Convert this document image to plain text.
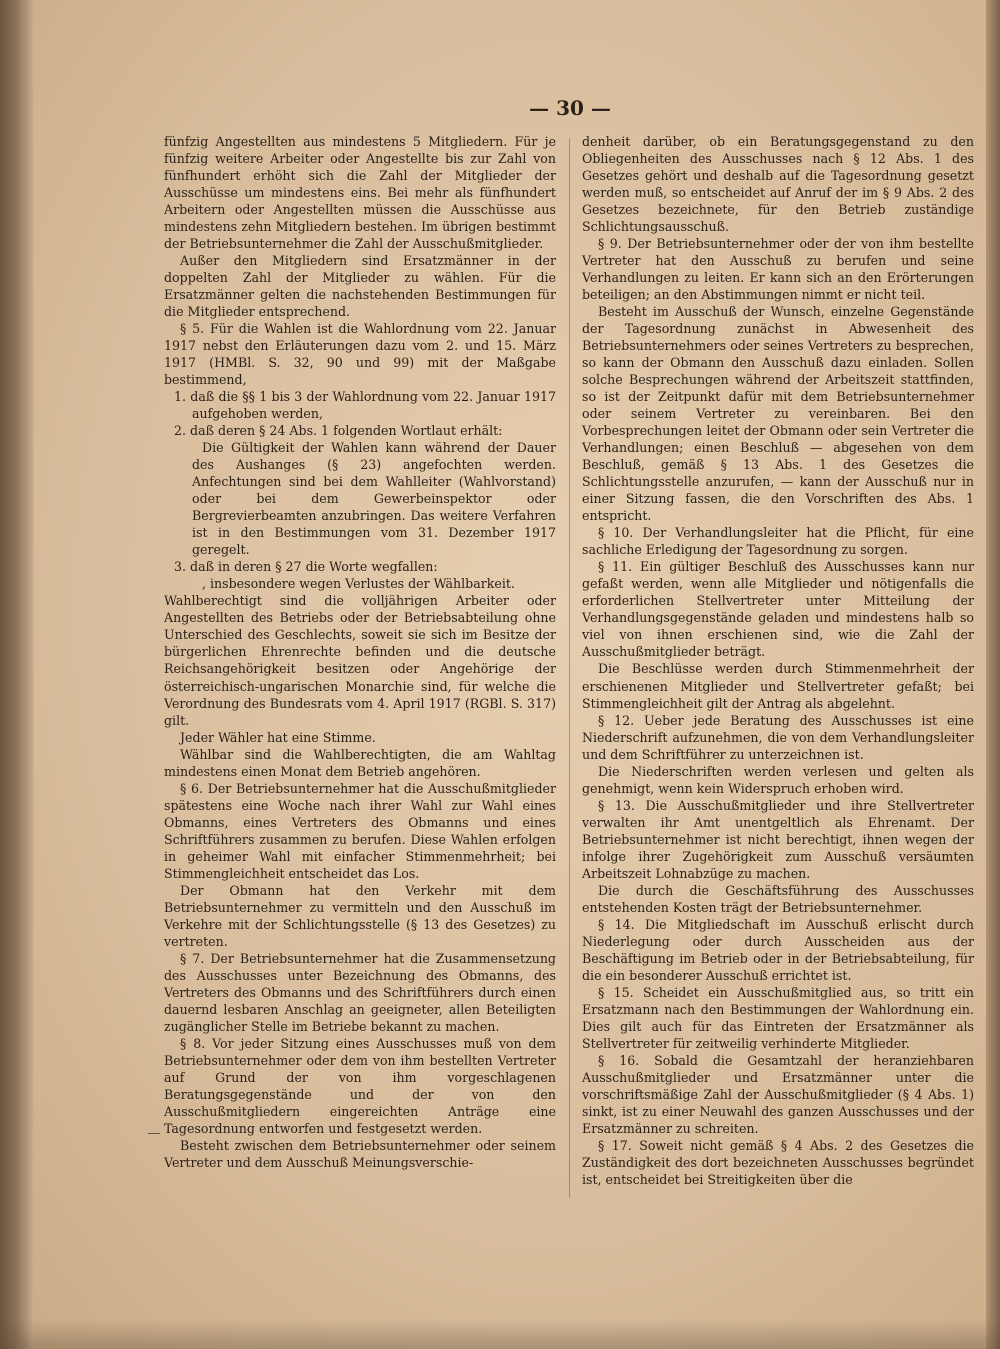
— 30 —

fünfzig Angestellten aus mindestens 5 Mitgliedern. Für je fünfzig weitere Arbeiter oder Angestellte bis zur Zahl von fünfhundert erhöht sich die Zahl der Mitglieder der Ausschüsse um mindestens eins. Bei mehr als fünfhundert Arbeitern oder Angestellten müssen die Ausschüsse aus mindestens zehn Mitgliedern bestehen. Im übrigen bestimmt der Betriebsunternehmer die Zahl der Ausschußmitglieder.

Außer den Mitgliedern sind Ersatzmänner in der doppelten Zahl der Mitglieder zu wählen. Für die Ersatzmänner gelten die nachstehenden Bestimmungen für die Mitglieder entsprechend.

§ 5. Für die Wahlen ist die Wahlordnung vom 22. Januar 1917 nebst den Erläuterungen dazu vom 2. und 15. März 1917 (HMBl. S. 32, 90 und 99) mit der Maßgabe bestimmend,

1. daß die §§ 1 bis 3 der Wahlordnung vom 22. Januar 1917 aufgehoben werden,

2. daß deren § 24 Abs. 1 folgenden Wortlaut erhält:

Die Gültigkeit der Wahlen kann während der Dauer des Aushanges (§ 23) angefochten werden. Anfechtungen sind bei dem Wahlleiter (Wahlvorstand) oder bei dem Gewerbeinspektor oder Bergrevierbeamten anzubringen. Das weitere Verfahren ist in den Bestimmungen vom 31. Dezember 1917 geregelt.

3. daß in deren § 27 die Worte wegfallen:

, insbesondere wegen Verlustes der Wählbarkeit.

Wahlberechtigt sind die volljährigen Arbeiter oder Angestellten des Betriebs oder der Betriebsabteilung ohne Unterschied des Geschlechts, soweit sie sich im Besitze der bürgerlichen Ehrenrechte befinden und die deutsche Reichsangehörigkeit besitzen oder Angehörige der österreichisch-ungarischen Monarchie sind, für welche die Verordnung des Bundesrats vom 4. April 1917 (RGBl. S. 317) gilt.

Jeder Wähler hat eine Stimme.

Wählbar sind die Wahlberechtigten, die am Wahltag mindestens einen Monat dem Betrieb angehören.

§ 6. Der Betriebsunternehmer hat die Ausschußmitglieder spätestens eine Woche nach ihrer Wahl zur Wahl eines Obmanns, eines Vertreters des Obmanns und eines Schriftführers zusammen zu berufen. Diese Wahlen erfolgen in geheimer Wahl mit einfacher Stimmenmehrheit; bei Stimmengleichheit entscheidet das Los.

Der Obmann hat den Verkehr mit dem Betriebsunternehmer zu vermitteln und den Ausschuß im Verkehre mit der Schlichtungsstelle (§ 13 des Gesetzes) zu vertreten.

§ 7. Der Betriebsunternehmer hat die Zusammensetzung des Ausschusses unter Bezeichnung des Obmanns, des Vertreters des Obmanns und des Schriftführers durch einen dauernd lesbaren Anschlag an geeigneter, allen Beteiligten zugänglicher Stelle im Betriebe bekannt zu machen.

§ 8. Vor jeder Sitzung eines Ausschusses muß von dem Betriebsunternehmer oder dem von ihm bestellten Vertreter auf Grund der von ihm vorgeschlagenen Beratungsgegenstände und der von den Ausschußmitgliedern eingereichten Anträge eine Tagesordnung entworfen und festgesetzt werden.

Besteht zwischen dem Betriebsunternehmer oder seinem Vertreter und dem Ausschuß Meinungsverschie-

denheit darüber, ob ein Beratungsgegenstand zu den Obliegenheiten des Ausschusses nach § 12 Abs. 1 des Gesetzes gehört und deshalb auf die Tagesordnung gesetzt werden muß, so entscheidet auf Anruf der im § 9 Abs. 2 des Gesetzes bezeichnete, für den Betrieb zuständige Schlichtungsausschuß.

§ 9. Der Betriebsunternehmer oder der von ihm bestellte Vertreter hat den Ausschuß zu berufen und seine Verhandlungen zu leiten. Er kann sich an den Erörterungen beteiligen; an den Abstimmungen nimmt er nicht teil.

Besteht im Ausschuß der Wunsch, einzelne Gegenstände der Tagesordnung zunächst in Abwesenheit des Betriebsunternehmers oder seines Vertreters zu besprechen, so kann der Obmann den Ausschuß dazu einladen. Sollen solche Besprechungen während der Arbeitszeit stattfinden, so ist der Zeitpunkt dafür mit dem Betriebsunternehmer oder seinem Vertreter zu vereinbaren. Bei den Vorbesprechungen leitet der Obmann oder sein Vertreter die Verhandlungen; einen Beschluß — abgesehen von dem Beschluß, gemäß § 13 Abs. 1 des Gesetzes die Schlichtungsstelle anzurufen, — kann der Ausschuß nur in einer Sitzung fassen, die den Vorschriften des Abs. 1 entspricht.

§ 10. Der Verhandlungsleiter hat die Pflicht, für eine sachliche Erledigung der Tagesordnung zu sorgen.

§ 11. Ein gültiger Beschluß des Ausschusses kann nur gefaßt werden, wenn alle Mitglieder und nötigenfalls die erforderlichen Stellvertreter unter Mitteilung der Verhandlungsgegenstände geladen und mindestens halb so viel von ihnen erschienen sind, wie die Zahl der Ausschußmitglieder beträgt.

Die Beschlüsse werden durch Stimmenmehrheit der erschienenen Mitglieder und Stellvertreter gefaßt; bei Stimmengleichheit gilt der Antrag als abgelehnt.

§ 12. Ueber jede Beratung des Ausschusses ist eine Niederschrift aufzunehmen, die von dem Verhandlungsleiter und dem Schriftführer zu unterzeichnen ist.

Die Niederschriften werden verlesen und gelten als genehmigt, wenn kein Widerspruch erhoben wird.

§ 13. Die Ausschußmitglieder und ihre Stellvertreter verwalten ihr Amt unentgeltlich als Ehrenamt. Der Betriebsunternehmer ist nicht berechtigt, ihnen wegen der infolge ihrer Zugehörigkeit zum Ausschuß versäumten Arbeitszeit Lohnabzüge zu machen.

Die durch die Geschäftsführung des Ausschusses entstehenden Kosten trägt der Betriebsunternehmer.

§ 14. Die Mitgliedschaft im Ausschuß erlischt durch Niederlegung oder durch Ausscheiden aus der Beschäftigung im Betrieb oder in der Betriebsabteilung, für die ein besonderer Ausschuß errichtet ist.

§ 15. Scheidet ein Ausschußmitglied aus, so tritt ein Ersatzmann nach den Bestimmungen der Wahlordnung ein. Dies gilt auch für das Eintreten der Ersatzmänner als Stellvertreter für zeitweilig verhinderte Mitglieder.

§ 16. Sobald die Gesamtzahl der heranziehbaren Ausschußmitglieder und Ersatzmänner unter die vorschriftsmäßige Zahl der Ausschußmitglieder (§ 4 Abs. 1) sinkt, ist zu einer Neuwahl des ganzen Ausschusses und der Ersatzmänner zu schreiten.

§ 17. Soweit nicht gemäß § 4 Abs. 2 des Gesetzes die Zuständigkeit des dort bezeichneten Ausschusses begründet ist, entscheidet bei Streitigkeiten über die
